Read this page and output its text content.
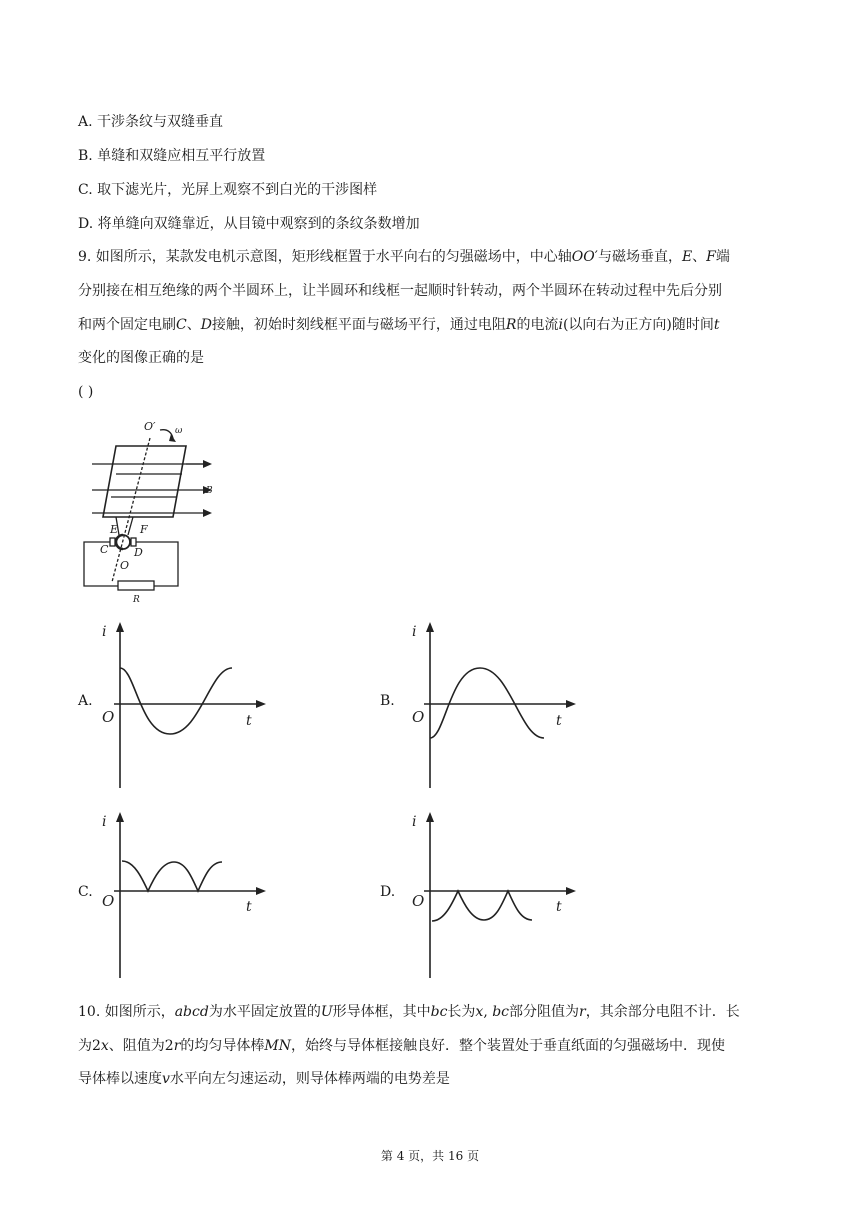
A. 干涉条纹与双缝垂直
B. 单缝和双缝应相互平行放置
C. 取下滤光片，光屏上观察不到白光的干涉图样
D. 将单缝向双缝靠近，从目镜中观察到的条纹条数增加
9. 如图所示，某款发电机示意图，矩形线框置于水平向右的匀强磁场中，中心轴𝑂𝑂′与磁场垂直，𝐸、𝐹端
分别接在相互绝缘的两个半圆环上，让半圆环和线框一起顺时针转动，两个半圆环在转动过程中先后分别
和两个固定电刷𝐶、𝐷接触，初始时刻线框平面与磁场平行，通过电阻𝑅的电流𝑖(以向右为正方向)随时间𝑡
变化的图像正确的是
( )
O′ ω
B
E F
C D
O
R
A.
i
O	t
B.
i
O	t
C.
i
O	t
D.
i
O	t
10. 如图所示，𝑎𝑏𝑐𝑑为水平固定放置的𝑈形导体框，其中𝑏𝑐长为𝑥, 𝑏𝑐部分阻值为𝑟，其余部分电阻不计．长
为2𝑥、阻值为2𝑟的均匀导体棒𝑀𝑁，始终与导体框接触良好．整个装置处于垂直纸面的匀强磁场中．现使
导体棒以速度𝑣水平向左匀速运动，则导体棒两端的电势差是
第 4 页，共 16 页
